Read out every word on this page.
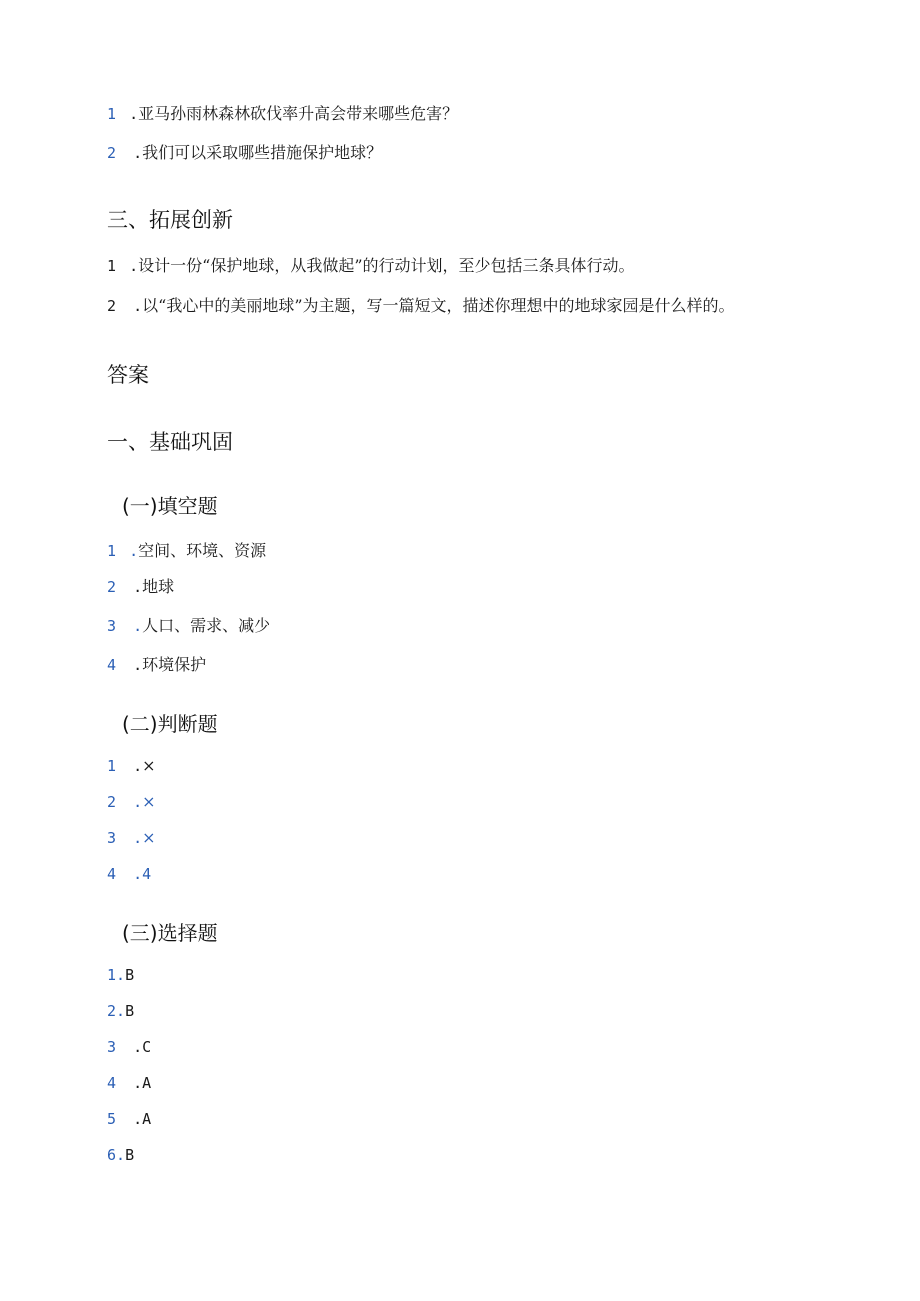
1 .亚马孙雨林森林砍伐率升高会带来哪些危害？
2 .我们可以采取哪些措施保护地球？
三、拓展创新
1 .设计一份“保护地球，从我做起”的行动计划，至少包括三条具体行动。
2 .以“我心中的美丽地球”为主题，写一篇短文，描述你理想中的地球家园是什么样的。
答案
一、基础巩固
(一)填空题
1 .空间、环境、资源
2 .地球
3 .人口、需求、减少
4 .环境保护
(二)判断题
1 .×
2 .×
3 .×
4 .4
(三)选择题
1.B
2.B
3 .C
4 .A
5 .A
6.B
